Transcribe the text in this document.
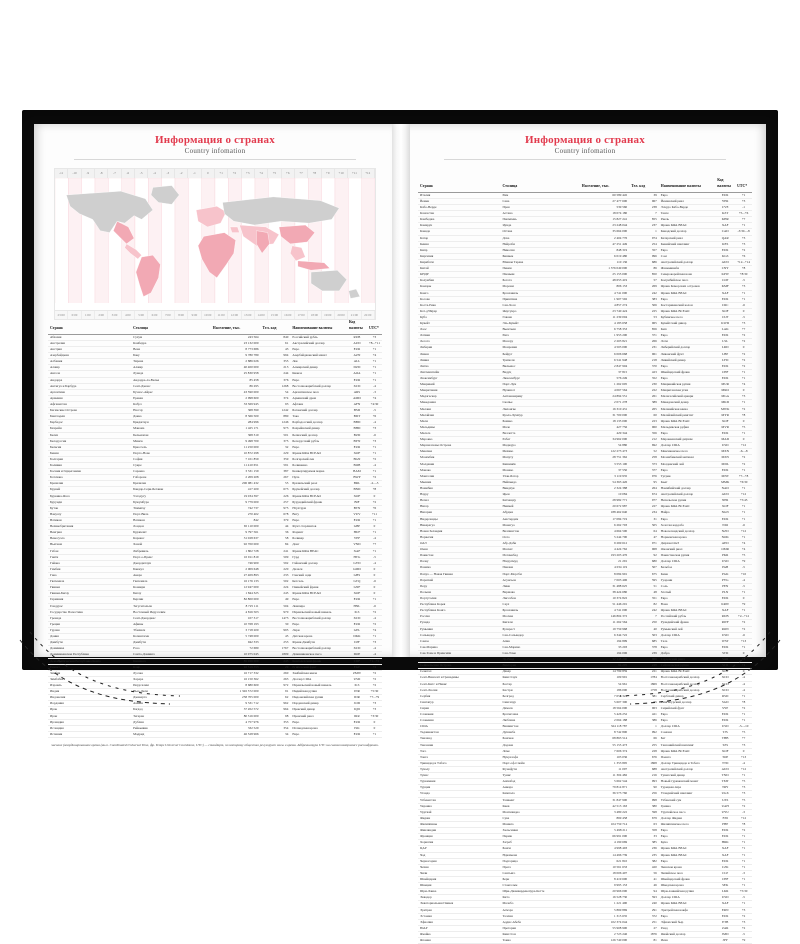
Информация о странах
Country infomation
-11	-10	-9	-8	-7	-6	-5	-4	-3	-2	-1	0	+1	+2	+3	+4	+5	+6	+7	+8	+9	+10	+11	+12
23:00	0:00	1:00	2:00	3:00	4:00	5:00	6:00	7:00	8:00	9:00	10:00	11:00	12:00	13:00	14:00	15:00	16:00	17:00	18:00	19:00	20:00	21:00	22:00
Страна	Столица	Население, тыс.	Тел. код	Наименование валюты	Код валюты	UTC*
Абхазия	Сухум	243 564	840	Российский рубль	RUB	+3
Австралия	Канберра	23 132 000	61	Австралийский доллар	AUD	+8...+11
Австрия	Вена	8 773 686	43	Евро	EUR	+1
Азербайджан	Баку	9 780 780	994	Азербайджанский манат	AZN	+4
Албания	Тирана	2 886 026	355	Лек	ALL	+1
Алжир	Алжир	40 400 000	213	Алжирский динар	DZD	+1
Ангола	Луанда	25 830 958	244	Кванза	AOA	+1
Андорра	Андорра-ла-Велья	85 458	376	Евро	EUR	+1
Антигуа и Барбуда	Сент-Джонс	86 295	1268	Восточнокарибский доллар	XCD	-4
Аргентина	Буэнос-Айрес	43 590 000	54	Аргентинское песо	ARS	-3
Армения	Ереван	2 998 600	374	Армянский драм	AMD	+4
Афганистан	Кабул	33 369 945	93	Афгани	AFN	+4:30
Багамские Острова	Нассау	368 390	1242	Багамский доллар	BSD	-5
Бангладеш	Дакка	8 566 500	880	Така	BDT	+6
Барбадос	Бриджтаун	284 996	1246	Барбадосский доллар	BBD	-4
Бахрейн	Манама	1 425 171	973	Бахрейнский динар	BHD	+3
Белиз	Бельмопан	368 310	501	Белизский доллар	BZD	-6
Белоруссия	Минск	9 498 700	375	Белорусский рубль	BYN	+3
Бельгия	Брюссель	11 250 000	32	Евро	EUR	+1
Бенин	Порто-Ново	10 872 298	229	Франк КФА ВСЕАО	XOF	+1
Болгария	София	7 101 859	359	Болгарский лев	BGN	+2
Боливия	Сукре	11 410 651	591	Боливиано	BOB	-4
Босния и Герцеговина	Сараево	3 531 159	387	Конвертируемая марка	BAM	+1
Ботсвана	Габороне	2 209 208	267	Пула	BWP	+2
Бразилия	Бразилиа	206 081 432	55	Бразильский реал	BRL	-2...-5
Бруней	Бандар-Сери-Бегаван	417 200	673	Брунейский доллар	BND	+8
Буркина-Фасо	Уагадугу	19 034 397	226	Франк КФА ВСЕАО	XOF	0
Бурунди	Бужумбура	9 779 000	257	Бурундийский франк	BIF	+2
Бутан	Тхимпху	742 737	975	Нгултрум	BTN	+6
Вануату	Порт-Вила	270 402	678	Вату	VUV	+11
Ватикан	Ватикан	842	379	Евро	EUR	+1
Великобритания	Лондон	65 110 000	44	Фунт стерлингов	GBP	0
Венгрия	Будапешт	9 797 561	36	Форинт	HUF	+1
Венесуэла	Каракас	31 028 637	58	Боливар	VEF	-4
Вьетнам	Ханой	92 700 000	84	Донг	VND	+7
Габон	Либревиль	1 802 728	241	Франк КФА ВЕАС	XAF	+1
Гаити	Порт-о-Пренс	10 911 819	509	Гурд	HTG	-5
Гайана	Джорджтаун	746 900	592	Гайанский доллар	GYD	-4
Гамбия	Банжул	2 009 648	220	Даласи	GMD	0
Гана	Аккра	27 409 893	233	Ганский седи	GHS	0
Гватемала	Гватемала	16 176 133	502	Кетсаль	GTQ	-6
Гвинея	Конакри	12 947 000	224	Гвинейский франк	GNF	0
Гвинея-Бисау	Бисау	1 844 325	245	Франк КФА ВСЕАО	XOF	0
Германия	Берлин	82 800 000	49	Евро	EUR	+1
Гондурас	Тегусигальпа	8 725 111	504	Лемпира	HNL	-6
Государство Палестина	Восточный Иерусалим	4 816 503	970	Израильский новый шекель	ILS	+2
Гренада	Сент-Джорджес	107 317	1473	Восточнокарибский доллар	XCD	-4
Греция	Афины	10 768 193	30	Евро	EUR	+2
Грузия	Тбилиси	3 718 200	995	Лари	GEL	+4
Дания	Копенгаген	5 748 000	45	Датская крона	DKK	+1
Джибути	Джибути	942 333	253	Франк Джибути	DJF	+3
Доминика	Розо	72 680	1767	Восточнокарибский доллар	XCD	-4
Доминиканская Республика	Санто-Доминго	10 075 045	1809	Доминиканское песо	DOP	-4
Демократическая Республика Конго	Киншаса	85 026 000	243	Конголезский франк	CDF	+1...+2
Египет	Каир	92 519 553	20	Египетский фунт	EGP	+2
Замбия	Лусака	16 717 332	260	Замбийская квача	ZMW	+2
Зимбабве	Хараре	16 150 362	263	Доллар США	USD	+2
Израиль	Иерусалим	8 680 600	972	Израильский новый шекель	ILS	+2
Индия	Нью-Дели	1 326 572 000	91	Индийская рупия	INR	+5:30
Индонезия	Джакарта	258 705 000	62	Индонезийская рупия	IDR	+7...+9
Иордания	Амман	9 531 712	962	Иорданский динар	JOD	+3
Ирак	Багдад	37 202 572	964	Иракский динар	IQD	+3
Иран	Тегеран	80 316 000	98	Иранский риал	IRR	+3:30
Ирландия	Дублин	4 757 976	353	Евро	EUR	0
Исландия	Рейкьявик	332 529	354	Исландская крона	ISK	0
Испания	Мадрид	46 528 966	34	Евро	EUR	+1
часовое (координированное время (англ. Coordinated Universal Time, фр. Temps Universel Coordonne, UTC) — стандарт, по которому общество регулирует часы и время. Аббревиатура UTC на самом компромисс расшифровки.
Информация о странах
Country infomation
Страна	Столица	Население, тыс.	Тел. код	Наименование валюты	Код валюты	UTC*
Италия	Рим	60 589 445	39	Евро	EUR	+1
Йемен	Сана	27 477 600	967	Йеменский риал	YER	+3
Кабо-Верде	Прая	539 560	238	Эскудо Кабо-Верде	CVE	-1
Казахстан	Астана	18 074 180	7	Тенге	KZT	+5...+6
Камбоджа	Пномпень	15 827 241	855	Риель	KHR	+7
Камерун	Яунде	23 248 044	237	Франк КФА ВЕАС	XAF	+1
Канада	Оттава	35 664 000	1	Канадский доллар	CAD	-3:30...-8
Катар	Доха	2 404 776	974	Катарский риал	QAR	+3
Кения	Найроби	47 251 449	254	Кенийский шиллинг	KES	+3
Кипр	Никосия	848 319	357	Евро	EUR	+2
Киргизия	Бишкек	6 019 480	996	Сом	KGS	+6
Кирибати	Южная Тарава	110 136	686	Австралийский доллар	AUD	+12...+14
Китай	Пекин	1 376 049 000	86	Жэньминьби	CNY	+8
КНДР	Пхеньян	25 155 000	850	Северокорейская вона	KPW	+8:30
Колумбия	Богота	48 653 419	57	Колумбийское песо	COP	-5
Коморы	Морони	806 153	269	Франк Коморских островов	KMF	+3
Конго	Браззавиль	4 741 000	242	Франк КФА ВЕАС	XAF	+1
Косово	Приштина	1 907 592	383	Евро	EUR	+1
Коста-Рика	Сан-Хосе	4 857 274	506	Костариканский колон	CRC	-6
Кот-д'Ивуар	Ямусукро	23 740 424	225	Франк КФА ВСЕАО	XOF	0
Куба	Гавана	11 239 004	53	Кубинское песо	CUP	-5
Кувейт	Эль-Кувейт	4 183 658	965	Кувейтский динар	KWD	+3
Лаос	Вьентьян	6 758 353	856	Кип	LAK	+7
Латвия	Рига	1 953 200	371	Евро	EUR	+2
Лесото	Масеру	2 203 821	266	Лоти	LSL	+2
Либерия	Монровия	4 503 000	231	Либерийский доллар	LRD	0
Ливан	Бейрут	6 006 668	961	Ливанский фунт	LBP	+2
Ливия	Триполи	6 541 948	218	Ливийский динар	LYD	+2
Литва	Вильнюс	2 847 904	370	Евро	EUR	+2
Лихтенштейн	Вадуц	37 815	423	Швейцарский франк	CHF	+1
Люксембург	Люксембург	576 249	352	Евро	EUR	+1
Маврикий	Порт-Луи	1 262 605	230	Маврикийская рупия	MUR	+4
Мавритания	Нуакшот	4 067 564	222	Мавританская угия	MRO	0
Мадагаскар	Антананариву	24 894 551	261	Малагасийский ариари	MGA	+3
Македония	Скопье	2 071 278	389	Македонский денар	MKD	+1
Малави	Лилонгве	16 310 431	265	Малавийская квача	MWK	+2
Малайзия	Куала-Лумпур	31 700 000	60	Малайзийский ринггит	MYR	+8
Мали	Бамако	18 135 000	223	Франк КФА ВСЕАО	XOF	0
Мальдивы	Мале	427 756	960	Мальдивская руфия	MVR	+5
Мальта	Валлетта	429 344	356	Евро	EUR	+1
Марокко	Рабат	34 962 000	212	Марокканский дирхам	MAD	0
Маршалловы Острова	Маджуро	54 880	692	Доллар США	USD	+12
Мексика	Мехико	122 273 473	52	Мексиканское песо	MXN	-6...-8
Мозамбик	Мапуту	28 751 362	258	Мозамбикский метикал	MZN	+2
Молдавия	Кишинёв	3 553 100	373	Молдавский лей	MDL	+2
Монако	Монако	37 550	377	Евро	EUR	+1
Монголия	Улан-Батор	3 119 935	976	Тугрик	MNT	+7...+8
Мьянма	Нейпьидо	54 363 426	95	Кьят	MMK	+6:30
Намибия	Виндхук	2 324 388	264	Намибийский доллар	NAD	+1
Науру	Ярен	10 084	674	Австралийский доллар	AUD	+12
Непал	Катманду	28 982 771	977	Непальская рупия	NPR	+5:45
Нигер	Ниамей	20 672 987	227	Франк КФА ВСЕАО	XOF	+1
Нигерия	Абуджа	188 462 640	234	Найра	NGN	+1
Нидерланды	Амстердам	17 084 719	31	Евро	EUR	+1
Никарагуа	Манагуа	6 262 703	505	Золотая кордоба	NIO	-6
Новая Зеландия	Веллингтон	4 664 500	64	Новозеландский доллар	NZD	+12
Норвегия	Осло	5 244 700	47	Норвежская крона	NOK	+1
ОАЭ	Абу-Даби	9 269 612	971	Дирхам ОАЭ	AED	+4
Оман	Маскат	4 424 762	968	Оманский риал	OMR	+4
Пакистан	Исламабад	193 203 476	92	Пакистанская рупия	PKR	+5
Палау	Нгерулмуд	21 291	680	Доллар США	USD	+9
Панама	Панама	4 034 119	507	Бальбоа	PAB	-5
Папуа — Новая Гвинея	Порт-Морсби	8 084 991	675	Кина	PGK	+10
Парагвай	Асунсьон	7 003 406	595	Гуарани	PYG	-4
Перу	Лима	31 488 625	51	Соль	PEN	-5
Польша	Варшава	38 424 680	48	Злотый	PLN	+1
Португалия	Лиссабон	10 374 822	351	Евро	EUR	0
Республика Корея	Сеул	51 446 201	82	Вона	KRW	+9
Республика Конго	Браззавиль	4 741 000	242	Франк КФА ВЕАС	XAF	+1
Россия	Москва	146 804 372	7	Российский рубль	RUB	+2...+12
Руанда	Кигали	11 262 564	250	Руандийский франк	RWF	+2
Румыния	Бухарест	19 759 968	40	Румынский лей	RON	+2
Сальвадор	Сан-Сальвадор	6 344 722	503	Доллар США	USD	-6
Самоа	Апиа	194 899	685	Тала	WST	+13
Сан-Марино	Сан-Марино	33 203	378	Евро	EUR	+1
Сан-Томе и Принсипи	Сан-Томе	194 006	239	Добра	STD	0
Саудовская Аравия	Эр-Рияд	32 248 200	966	Саудовский риял	SAR	+3
Сейшельские Острова	Виктория	94 205	248	Сейшельская рупия	SCR	+4
Сенегал	Дакар	14 799 859	221	Франк КФА ВСЕАО	XOF	0
Сент-Винсент и Гренадины	Кингстаун	109 991	1784	Восточнокарибский доллар	XCD	-4
Сент-Китс и Невис	Бастер	54 961	1869	Восточнокарибский доллар	XCD	-4
Сент-Люсия	Кастри	186 000	1758	Восточнокарибский доллар	XCD	-4
Сербия	Белград	7 058 322	381	Сербский динар	RSD	+1
Сингапур	Сингапур	5 607 300	65	Сингапурский доллар	SGD	+8
Сирия	Дамаск	18 564 000	963	Сирийский фунт	SYP	+2
Словакия	Братислава	5 426 252	421	Евро	EUR	+1
Словения	Любляна	2 064 188	386	Евро	EUR	+1
США	Вашингтон	324 118 787	1	Доллар США	USD	-5...-10
Таджикистан	Душанбе	8 742 800	992	Сомони	TJS	+5
Таиланд	Бангкок	68 863 514	66	Бат	THB	+7
Танзания	Додома	55 155 473	255	Танзанийский шиллинг	TZS	+3
Того	Ломе	7 606 374	228	Франк КФА ВСЕАО	XOF	0
Тонга	Нукуалофа	103 036	676	Паанга	TOP	+13
Тринидад и Тобаго	Порт-оф-Спейн	1 353 895	1868	Доллар Тринидада и Тобаго	TTD	-4
Тувалу	Фунафути	11 097	688	Австралийский доллар	AUD	+12
Тунис	Тунис	11 304 482	216	Тунисский динар	TND	+1
Туркмения	Ашхабад	5 662 544	993	Новый туркменский манат	TMT	+5
Турция	Анкара	79 814 871	90	Турецкая лира	TRY	+3
Уганда	Кампала	36 573 760	256	Угандийский шиллинг	UGX	+3
Узбекистан	Ташкент	31 847 900	998	Узбекский сум	UZS	+5
Украина	Киев	42 513 163	380	Гривна	UAH	+2
Уругвай	Монтевидео	3 480 222	598	Уругвайское песо	UYU	-3
Фиджи	Сува	869 458	679	Доллар Фиджи	FJD	+12
Филиппины	Манила	104 759 714	63	Филиппинское песо	PHP	+8
Финляндия	Хельсинки	5 498 211	358	Евро	EUR	+2
Франция	Париж	66 991 000	33	Евро	EUR	+1
Хорватия	Загреб	4 190 669	385	Куна	HRK	+1
ЦАР	Банги	4 998 493	236	Франк КФА ВЕАС	XAF	+1
Чад	Нджамена	14 496 739	235	Франк КФА ВЕАС	XAF	+1
Черногория	Подгорица	621 810	382	Евро	EUR	+1
Чехия	Прага	10 561 633	420	Чешская крона	CZK	+1
Чили	Сантьяго	18 006 407	56	Чилийское песо	CLP	-3
Швейцария	Берн	8 419 600	41	Швейцарский франк	CHF	+1
Швеция	Стокгольм	9 995 153	46	Шведская крона	SEK	+1
Шри-Ланка	Шри-Джаяварденепура-Котте	20 966 000	94	Шри-ланкийская рупия	LKR	+5:30
Эквадор	Кито	16 528 730	593	Доллар США	USD	-5
Экваториальная Гвинея	Малабо	1 221 490	240	Франк КФА ВЕАС	XAF	+1
Эритрея	Асмэра	5 869 869	291	Эритрейская накфа	ERN	+3
Эстония	Таллин	1 315 635	372	Евро	EUR	+2
Эфиопия	Аддис-Абеба	102 374 044	251	Эфиопский быр	ETB	+3
ЮАР	Претория	55 908 900	27	Ранд	ZAR	+2
Ямайка	Кингстон	2 723 246	1876	Ямайский доллар	JMD	-5
Япония	Токио	126 740 000	81	Иена	JPY	+9
